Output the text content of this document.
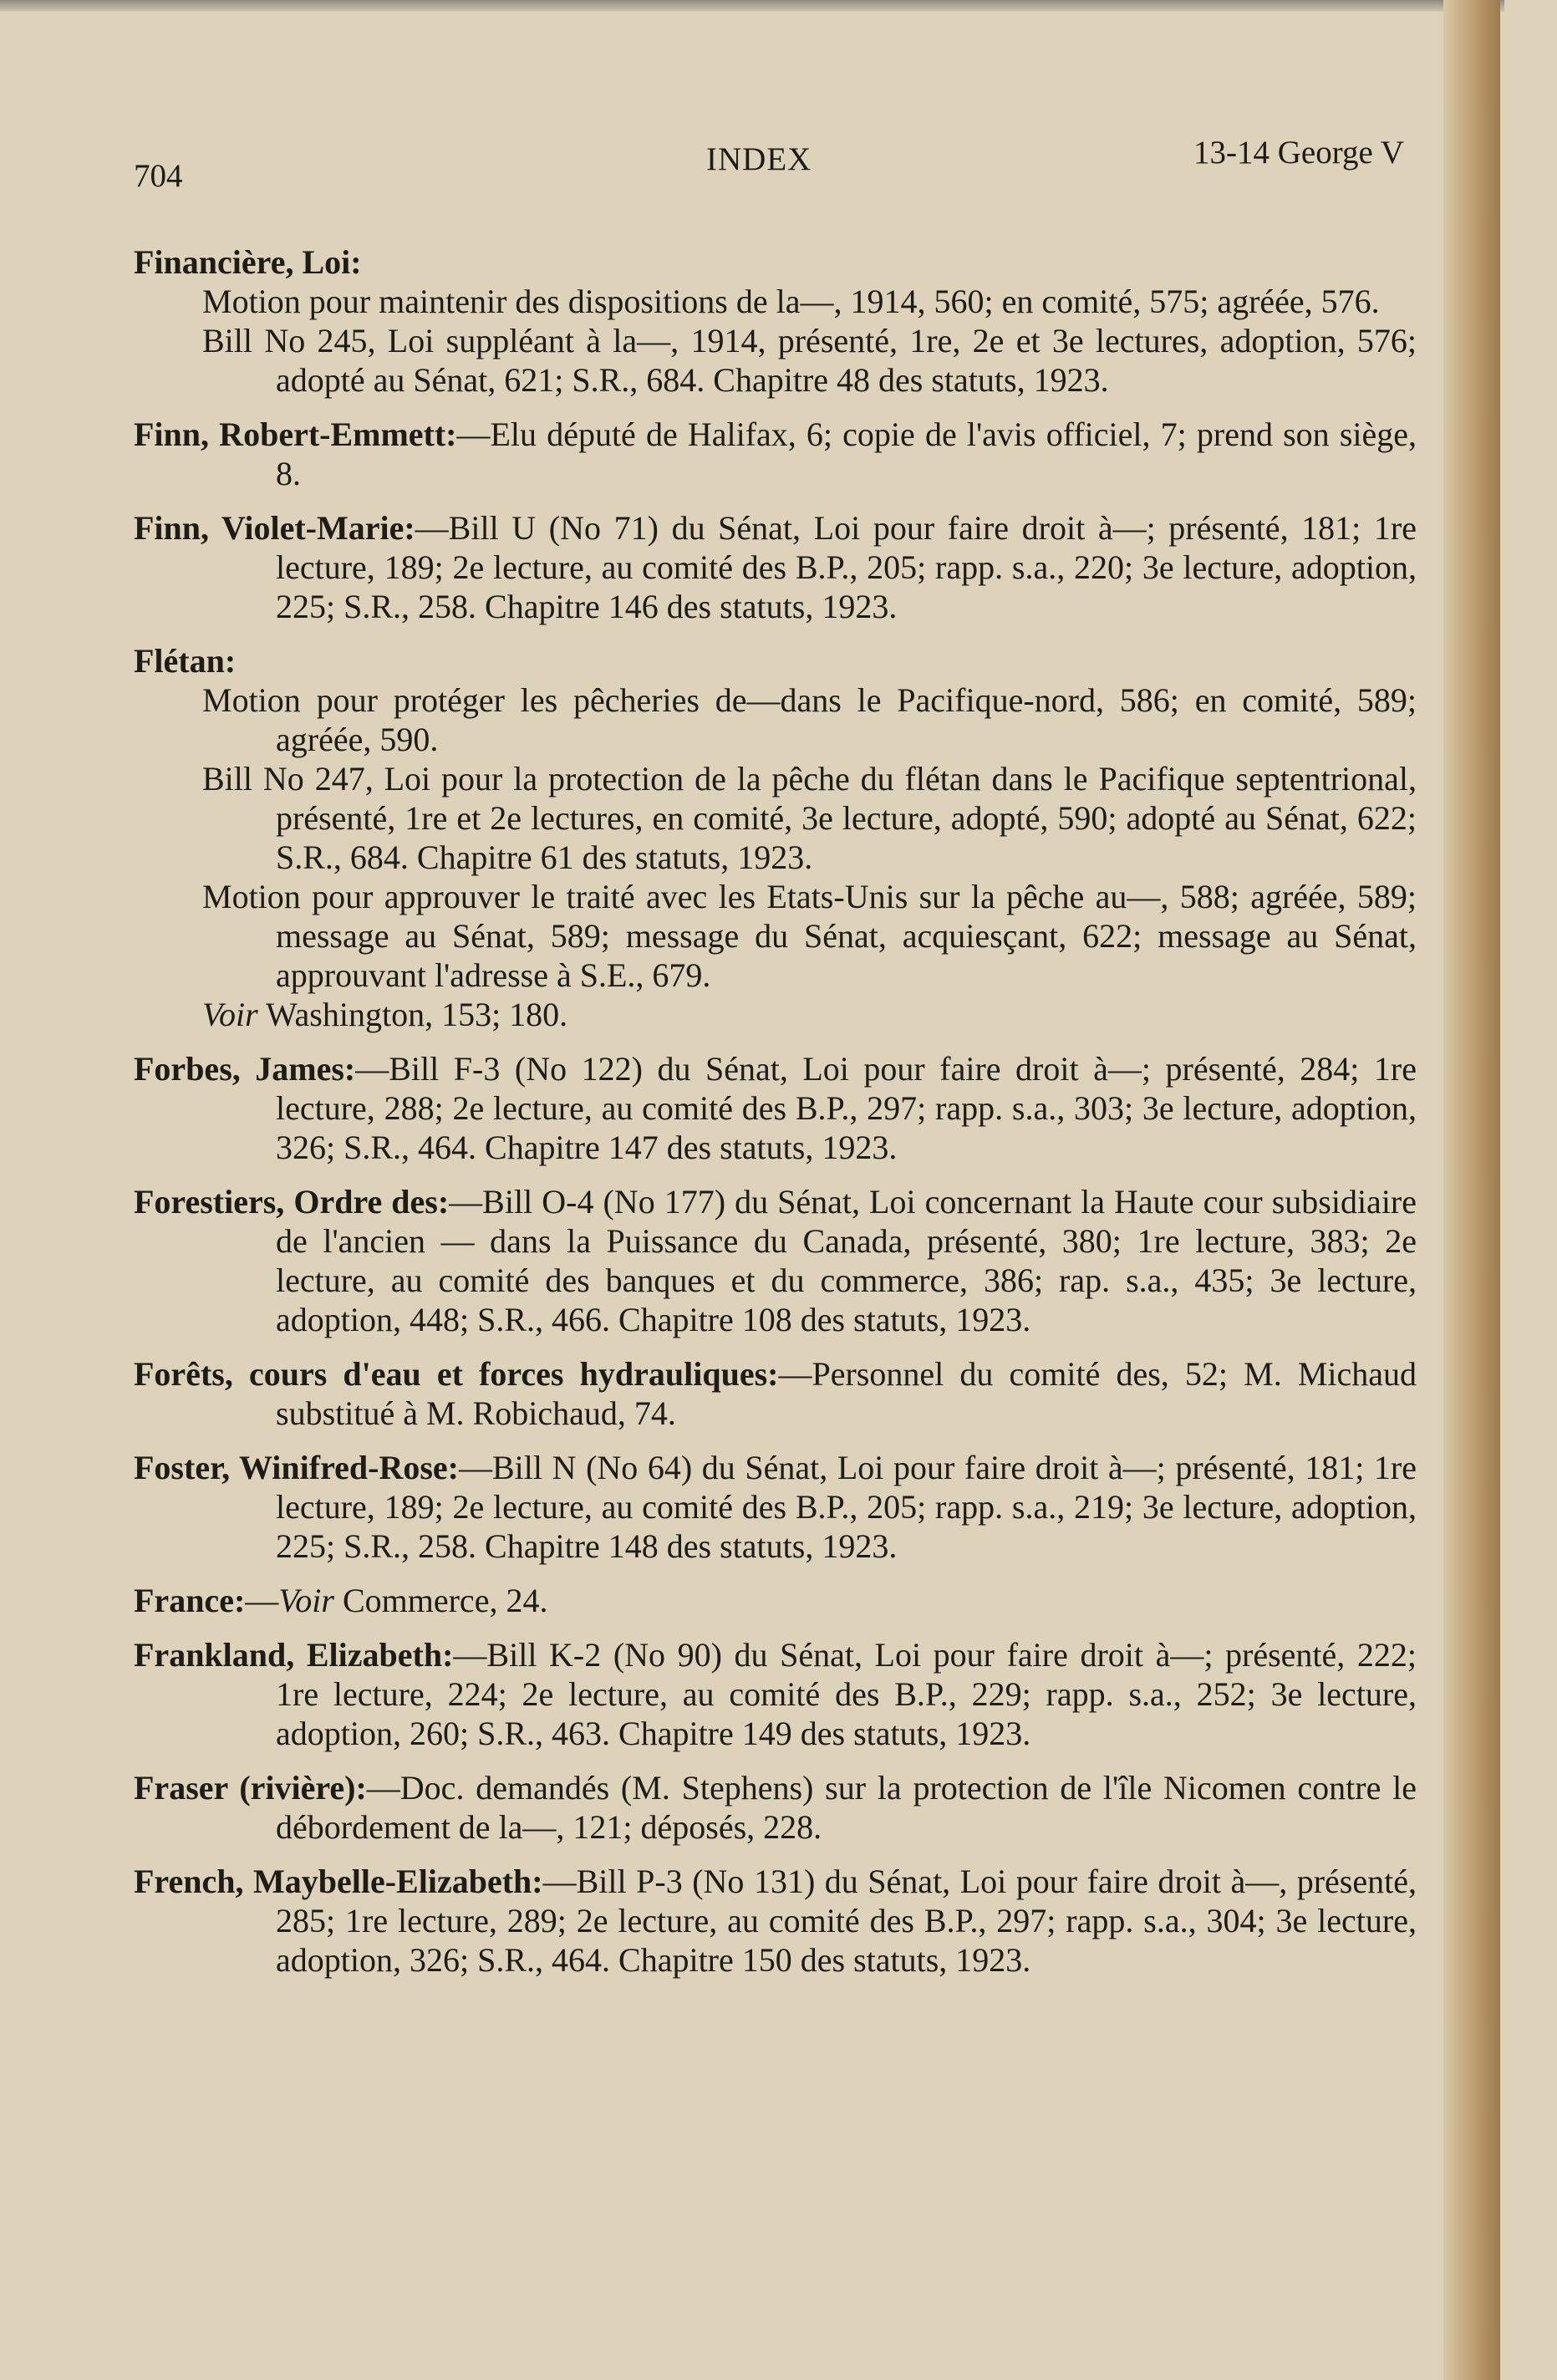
704	INDEX	13-14 George V
Financière, Loi:
Motion pour maintenir des dispositions de la—, 1914, 560; en comité, 575; agréée, 576.
Bill No 245, Loi suppléant à la—, 1914, présenté, 1re, 2e et 3e lectures, adoption, 576; adopté au Sénat, 621; S.R., 684. Chapitre 48 des statuts, 1923.
Finn, Robert-Emmett:—Elu député de Halifax, 6; copie de l'avis officiel, 7; prend son siège, 8.
Finn, Violet-Marie:—Bill U (No 71) du Sénat, Loi pour faire droit à—; présenté, 181; 1re lecture, 189; 2e lecture, au comité des B.P., 205; rapp. s.a., 220; 3e lecture, adoption, 225; S.R., 258. Chapitre 146 des statuts, 1923.
Flétan:
Motion pour protéger les pêcheries de—dans le Pacifique-nord, 586; en comité, 589; agréée, 590.
Bill No 247, Loi pour la protection de la pêche du flétan dans le Pacifique septentrional, présenté, 1re et 2e lectures, en comité, 3e lecture, adopté, 590; adopté au Sénat, 622; S.R., 684. Chapitre 61 des statuts, 1923.
Motion pour approuver le traité avec les Etats-Unis sur la pêche au—, 588; agréée, 589; message au Sénat, 589; message du Sénat, acquiesçant, 622; message au Sénat, approuvant l'adresse à S.E., 679.
Voir Washington, 153; 180.
Forbes, James:—Bill F-3 (No 122) du Sénat, Loi pour faire droit à—; présenté, 284; 1re lecture, 288; 2e lecture, au comité des B.P., 297; rapp. s.a., 303; 3e lecture, adoption, 326; S.R., 464. Chapitre 147 des statuts, 1923.
Forestiers, Ordre des:—Bill O-4 (No 177) du Sénat, Loi concernant la Haute cour subsidiaire de l'ancien — dans la Puissance du Canada, présenté, 380; 1re lecture, 383; 2e lecture, au comité des banques et du commerce, 386; rap. s.a., 435; 3e lecture, adoption, 448; S.R., 466. Chapitre 108 des statuts, 1923.
Forêts, cours d'eau et forces hydrauliques:—Personnel du comité des, 52; M. Michaud substitué à M. Robichaud, 74.
Foster, Winifred-Rose:—Bill N (No 64) du Sénat, Loi pour faire droit à—; présenté, 181; 1re lecture, 189; 2e lecture, au comité des B.P., 205; rapp. s.a., 219; 3e lecture, adoption, 225; S.R., 258. Chapitre 148 des statuts, 1923.
France:—Voir Commerce, 24.
Frankland, Elizabeth:—Bill K-2 (No 90) du Sénat, Loi pour faire droit à—; présenté, 222; 1re lecture, 224; 2e lecture, au comité des B.P., 229; rapp. s.a., 252; 3e lecture, adoption, 260; S.R., 463. Chapitre 149 des statuts, 1923.
Fraser (rivière):—Doc. demandés (M. Stephens) sur la protection de l'île Nicomen contre le débordement de la—, 121; déposés, 228.
French, Maybelle-Elizabeth:—Bill P-3 (No 131) du Sénat, Loi pour faire droit à—, présenté, 285; 1re lecture, 289; 2e lecture, au comité des B.P., 297; rapp. s.a., 304; 3e lecture, adoption, 326; S.R., 464. Chapitre 150 des statuts, 1923.
